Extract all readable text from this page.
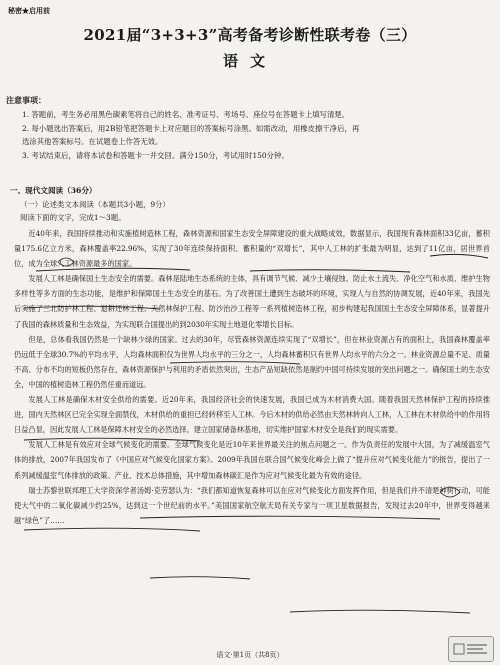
秘密★启用前
2021届“3+3+3”高考备考诊断性联考卷（三）
语文
注意事项：

1. 答题前，考生务必用黑色碳素笔将自己的姓名、准考证号、考场号、座位号在答题卡上填写清楚。

2. 每小题选出答案后，用2B铅笔把答题卡上对应题目的答案标号涂黑。如需改动，用橡皮擦干净后，再

选涂其他答案标号。在试题卷上作答无效。

3. 考试结束后，请将本试卷和答题卡一并交回。满分150分，考试用时150分钟。

一、现代文阅读（36分）
（一）论述类文本阅读（本题共3小题，9分）
阅读下面的文字，完成1～3题。

近40年来，我国持续推动和实施植树造林工程，森林资源和国家生态安全屏障建设的重大战略成效，数据显示，我国现有森林面积33亿亩，蓄积量175.6亿立方米，森林覆盖率22.96%，实现了30年连续保持面积、蓄积量的“双增长”，其中人工林的扩张最为明显，达到了11亿亩，居世界首位，成为全球人工林资源最多的国家。

发展人工林是确保国土生态安全的需要。森林是陆地生态系统的主体，具有调节气候、减少土壤侵蚀、防止水土流失、净化空气和水质、维护生物多样性等多方面的生态功能，是维护和保障国土生态安全的基石。为了改善国土遭到生态破坏的环境，实现人与自然的协调发展，近40年来，我国先后实施了三北防护林工程、退耕还林工程、天然林保护工程、防沙治沙工程等一系列植树造林工程，初步构建起我国国土生态安全屏障体系，显著提升了我国的森林质量和生态效益，为实现联合国提出的到2030年实现土地退化零增长目标。

但是，总体看我国仍然是一个缺林少绿的国家。过去的30年，尽管森林资源连续实现了“双增长”，但在林业资源占有的面积上，我国森林覆盖率仍远低于全球30.7%的平均水平，人均森林面积仅为世界人均水平的三分之一，人均森林蓄积只有世界人均水平的六分之一。林业资源总量不足、质量不高、分布不均的短板仍然存在，森林资源保护与利用的矛盾依然突出，生态产品短缺依然是制约中国可持续发展的突出问题之一。确保国土的生态安全，中国的植树造林工程仍然任重而道远。

发展人工林是确保木材安全供给的需要。近20年来，我国经济社会的快速发展，我国已成为木材消费大国。随着我国天然林保护工程的持续推进，国内天然林区已完全实现全面禁伐，木材供给的重担已经转移至人工林。今后木材的供给必然由天然林转向人工林，人工林在木材供给中的作用将日益凸显，因此发展人工林是保障木材安全的必然选择。建立国家储备林基地，切实维护国家木材安全是我们的现实需要。

发展人工林是有效应对全球气候变化的需要。全球气候变化是近10年来世界最关注的焦点问题之一。作为负责任的发展中大国，为了减缓温室气体的排放，2007年我国发布了《中国应对气候变化国家方案》。2009年我国在联合国气候变化峰会上做了“提升应对气候变化能力”的报告，提出了一系列减缓温室气体排放的政策、产业、技术总体措施，其中增加森林碳汇是作为应对气候变化最为有效的途径。

瑞士苏黎世联邦理工大学资深学者汤姆·克劳瑟认为：“我们都知道恢复森林可以在应对气候变化方面发挥作用，但是我们并不清楚种树行动，可能使大气中的二氧化碳减少约25%，达到这一个世纪前的水平。”美国国家航空航天局有关专家与一项卫星数据报告，发现过去20年中，世界变得越来越“绿色”了……

语文·第1页（共8页）
